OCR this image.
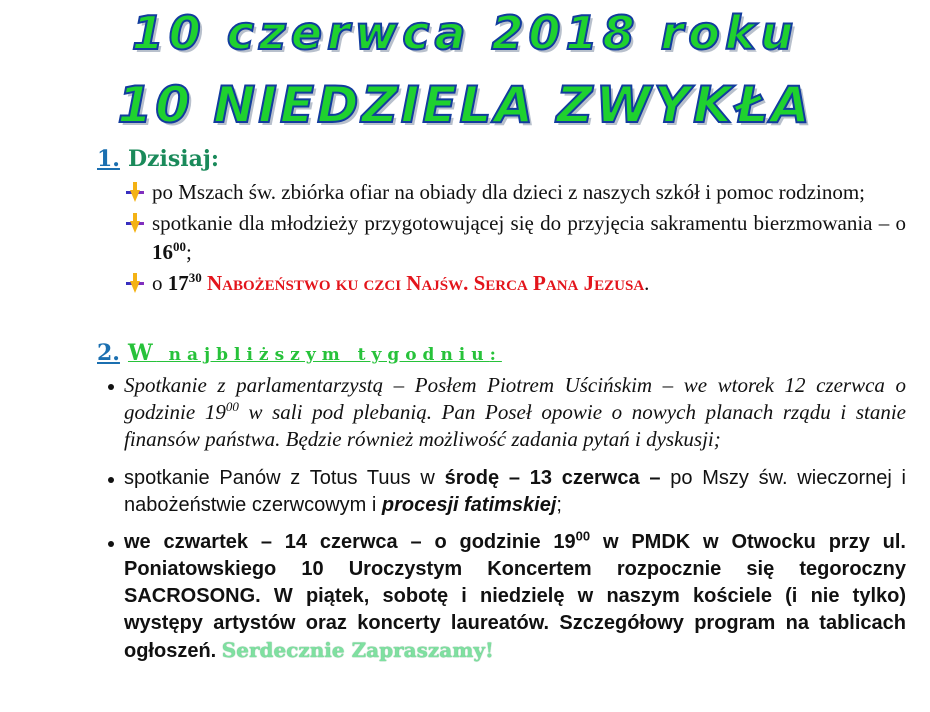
10 czerwca 2018 roku
10 NIEDZIELA ZWYKŁA
1. Dzisiaj:
po Mszach św. zbiórka ofiar na obiady dla dzieci z naszych szkół i pomoc rodzinom;
spotkanie dla młodzieży przygotowującej się do przyjęcia sakramentu bierzmowania – o $16^{00}$;
o $17^{30}$ Nabożeństwo ku czci Najśw. Serca Pana Jezusa.
2. W najbliższym tygodniu:
Spotkanie z parlamentarzystą – Posłem Piotrem Uścińskim – we wtorek 12 czerwca o godzinie $19^{00}$ w sali pod plebanią. Pan Poseł opowie o nowych planach rządu i stanie finansów państwa. Będzie również możliwość zadania pytań i dyskusji;
spotkanie Panów z Totus Tuus w środę – 13 czerwca – po Mszy św. wieczornej i nabożeństwie czerwcowym i procesji fatimskiej;
we czwartek – 14 czerwca – o godzinie $19^{00}$ w PMDK w Otwocku przy ul. Poniatowskiego 10 Uroczystym Koncertem rozpocznie się tegoroczny SACROSONG. W piątek, sobotę i niedzielę w naszym kościele (i nie tylko) występy artystów oraz koncerty laureatów. Szczegółowy program na tablicach ogłoszeń. Serdecznie Zapraszamy!
